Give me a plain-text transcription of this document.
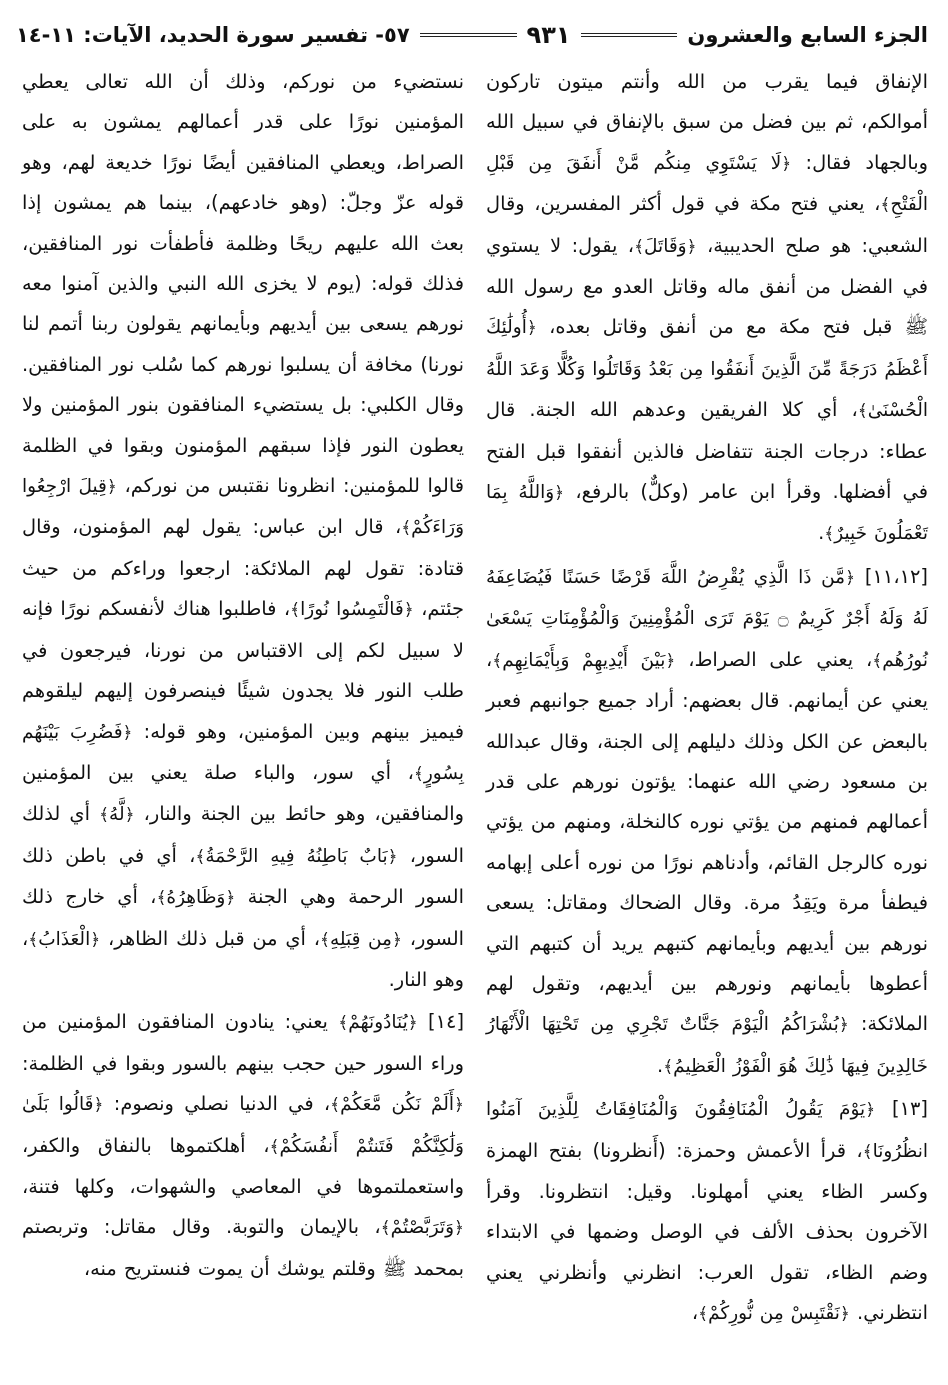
الجزء السابع والعشرون
٩٣١
٥٧- تفسير سورة الحديد، الآيات: ١١-١٤

الإنفاق فيما يقرب من الله وأنتم ميتون تاركون أموالكم، ثم بين فضل من سبق بالإنفاق في سبيل الله وبالجهاد فقال: ﴿ لَا يَسْتَوِي مِنكُم مَّنْ أَنفَقَ مِن قَبْلِ الْفَتْحِ ﴾، يعني فتح مكة في قول أكثر المفسرين، وقال الشعبي: هو صلح الحديبية، ﴿ وَقَاتَلَ ﴾، يقول: لا يستوي في الفضل من أنفق ماله وقاتل العدو مع رسول الله ﷺ قبل فتح مكة مع من أنفق وقاتل بعده، ﴿ أُولَٰئِكَ أَعْظَمُ دَرَجَةً مِّنَ الَّذِينَ أَنفَقُوا مِن بَعْدُ وَقَاتَلُوا وَكُلًّا وَعَدَ اللَّهُ الْحُسْنَىٰ ﴾، أي كلا الفريقين وعدهم الله الجنة. قال عطاء: درجات الجنة تتفاضل فالذين أنفقوا قبل الفتح في أفضلها. وقرأ ابن عامر (وكلٌّ) بالرفع، ﴿ وَاللَّهُ بِمَا تَعْمَلُونَ خَبِيرٌ ﴾.

[١١،١٢] ﴿ مَّن ذَا الَّذِي يُقْرِضُ اللَّهَ قَرْضًا حَسَنًا فَيُضَاعِفَهُ لَهُ وَلَهُ أَجْرٌ كَرِيمٌ ۝ يَوْمَ تَرَى الْمُؤْمِنِينَ وَالْمُؤْمِنَاتِ يَسْعَىٰ نُورُهُم ﴾، يعني على الصراط، ﴿ بَيْنَ أَيْدِيهِمْ وَبِأَيْمَانِهِم ﴾، يعني عن أيمانهم. قال بعضهم: أراد جميع جوانبهم فعبر بالبعض عن الكل وذلك دليلهم إلى الجنة، وقال عبدالله بن مسعود رضي الله عنهما: يؤتون نورهم على قدر أعمالهم فمنهم من يؤتي نوره كالنخلة، ومنهم من يؤتي نوره كالرجل القائم، وأدناهم نورًا من نوره أعلى إبهامه فيطفأ مرة ويَقِدُ مرة. وقال الضحاك ومقاتل: يسعى نورهم بين أيديهم وبأيمانهم كتبهم يريد أن كتبهم التي أعطوها بأيمانهم ونورهم بين أيديهم، وتقول لهم الملائكة: ﴿ بُشْرَاكُمُ الْيَوْمَ جَنَّاتٌ تَجْرِي مِن تَحْتِهَا الْأَنْهَارُ خَالِدِينَ فِيهَا ذَٰلِكَ هُوَ الْفَوْزُ الْعَظِيمُ ﴾.

[١٣] ﴿ يَوْمَ يَقُولُ الْمُنَافِقُونَ وَالْمُنَافِقَاتُ لِلَّذِينَ آمَنُوا انظُرُونَا ﴾، قرأ الأعمش وحمزة: (أَنظرونا) بفتح الهمزة وكسر الظاء يعني أمهلونا. وقيل: انتظرونا. وقرأ الآخرون بحذف الألف في الوصل وضمها في الابتداء وضم الظاء، تقول العرب: انظرني وأنظرني يعني انتظرني. ﴿ نَقْتَبِسْ مِن نُّورِكُمْ ﴾،

نستضيء من نوركم، وذلك أن الله تعالى يعطي المؤمنين نورًا على قدر أعمالهم يمشون به على الصراط، ويعطي المنافقين أيضًا نورًا خديعة لهم، وهو قوله عزّ وجلّ: (وهو خادعهم)، بينما هم يمشون إذا بعث الله عليهم ريحًا وظلمة فأطفأت نور المنافقين، فذلك قوله: (يوم لا يخزى الله النبي والذين آمنوا معه نورهم يسعى بين أيديهم وبأيمانهم يقولون ربنا أتمم لنا نورنا) مخافة أن يسلبوا نورهم كما سُلب نور المنافقين. وقال الكلبي: بل يستضيء المنافقون بنور المؤمنين ولا يعطون النور فإذا سبقهم المؤمنون وبقوا في الظلمة قالوا للمؤمنين: انظرونا نقتبس من نوركم، ﴿ قِيلَ ارْجِعُوا وَرَاءَكُمْ ﴾، قال ابن عباس: يقول لهم المؤمنون، وقال قتادة: تقول لهم الملائكة: ارجعوا وراءكم من حيث جئتم، ﴿ فَالْتَمِسُوا نُورًا ﴾، فاطلبوا هناك لأنفسكم نورًا فإنه لا سبيل لكم إلى الاقتباس من نورنا، فيرجعون في طلب النور فلا يجدون شيئًا فينصرفون إليهم ليلقوهم فيميز بينهم وبين المؤمنين، وهو قوله: ﴿ فَضُرِبَ بَيْنَهُم بِسُورٍ ﴾، أي سور، والباء صلة يعني بين المؤمنين والمنافقين، وهو حائط بين الجنة والنار، ﴿ لَّهُ ﴾ أي لذلك السور، ﴿ بَابٌ بَاطِنُهُ فِيهِ الرَّحْمَةُ ﴾، أي في باطن ذلك السور الرحمة وهي الجنة ﴿ وَظَاهِرُهُ ﴾، أي خارج ذلك السور، ﴿ مِن قِبَلِهِ ﴾، أي من قبل ذلك الظاهر، ﴿ الْعَذَابُ ﴾، وهو النار.

[١٤] ﴿ يُنَادُونَهُمْ ﴾ يعني: ينادون المنافقون المؤمنين من وراء السور حين حجب بينهم بالسور وبقوا في الظلمة: ﴿ أَلَمْ نَكُن مَّعَكُمْ ﴾، في الدنيا نصلي ونصوم: ﴿ قَالُوا بَلَىٰ وَلَٰكِنَّكُمْ فَتَنتُمْ أَنفُسَكُمْ ﴾، أهلكتموها بالنفاق والكفر، واستعملتموها في المعاصي والشهوات، وكلها فتنة، ﴿ وَتَرَبَّصْتُمْ ﴾، بالإيمان والتوبة. وقال مقاتل: وتربصتم بمحمد ﷺ وقلتم يوشك أن يموت فنستريح منه،
